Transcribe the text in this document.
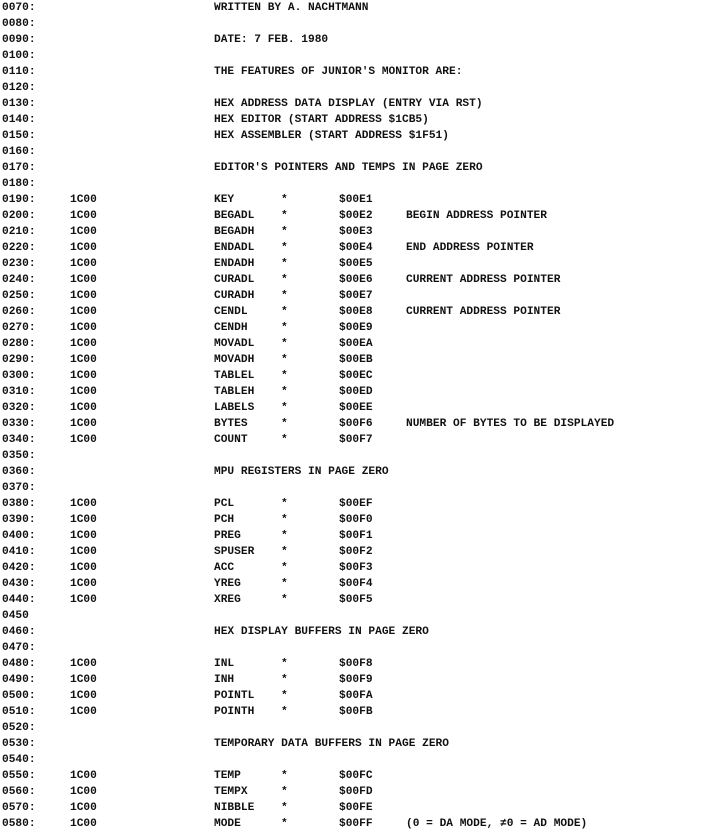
0070:	WRITTEN BY A. NACHTMANN
0080:
0090:	DATE: 7 FEB. 1980
0100:
0110:	THE FEATURES OF JUNIOR'S MONITOR ARE:
0120:
0130:	HEX ADDRESS DATA DISPLAY (ENTRY VIA RST)
0140:	HEX EDITOR (START ADDRESS $1CB5)
0150:	HEX ASSEMBLER (START ADDRESS $1F51)
0160:
0170:	EDITOR'S POINTERS AND TEMPS IN PAGE ZERO
0180:
0190:	1C00	KEY	*	$00E1
0200:	1C00	BEGADL *	$00E2	BEGIN ADDRESS POINTER
0210:	1C00	BEGADH *	$00E3
0220:	1C00	ENDADL *	$00E4	END ADDRESS POINTER
0230:	1C00	ENDADH *	$00E5
0240:	1C00	CURADL *	$00E6	CURRENT ADDRESS POINTER
0250:	1C00	CURADH *	$00E7
0260:	1C00	CENDL	*	$00E8	CURRENT ADDRESS POINTER
0270:	1C00	CENDH	*	$00E9
0280:	1C00	MOVADL *	$00EA
0290:	1C00	MOVADH *	$00EB
0300:	1C00	TABLEL *	$00EC
0310:	1C00	TABLEH *	$00ED
0320:	1C00	LABELS *	$00EE
0330:	1C00	BYTES	*	$00F6	NUMBER OF BYTES TO BE DISPLAYED
0340:	1C00	COUNT	*	$00F7
0350:
0360:	MPU REGISTERS IN PAGE ZERO
0370:
0380:	1C00	PCL	*	$00EF
0390:	1C00	PCH	*	$00F0
0400:	1C00	PREG	*	$00F1
0410:	1C00	SPUSER *	$00F2
0420:	1C00	ACC	*	$00F3
0430:	1C00	YREG	*	$00F4
0440:	1C00	XREG	*	$00F5
0450
0460:	HEX DISPLAY BUFFERS IN PAGE ZERO
0470:
0480:	1C00	INL	*	$00F8
0490:	1C00	INH	*	$00F9
0500:	1C00	POINTL *	$00FA
0510:	1C00	POINTH *	$00FB
0520:
0530:	TEMPORARY DATA BUFFERS IN PAGE ZERO
0540:
0550:	1C00	TEMP	*	$00FC
0560:	1C00	TEMPX	*	$00FD
0570:	1C00	NIBBLE *	$00FE
0580:	1C00	MODE	*	$00FF	(0 = DA MODE, ≠0 = AD MODE)
